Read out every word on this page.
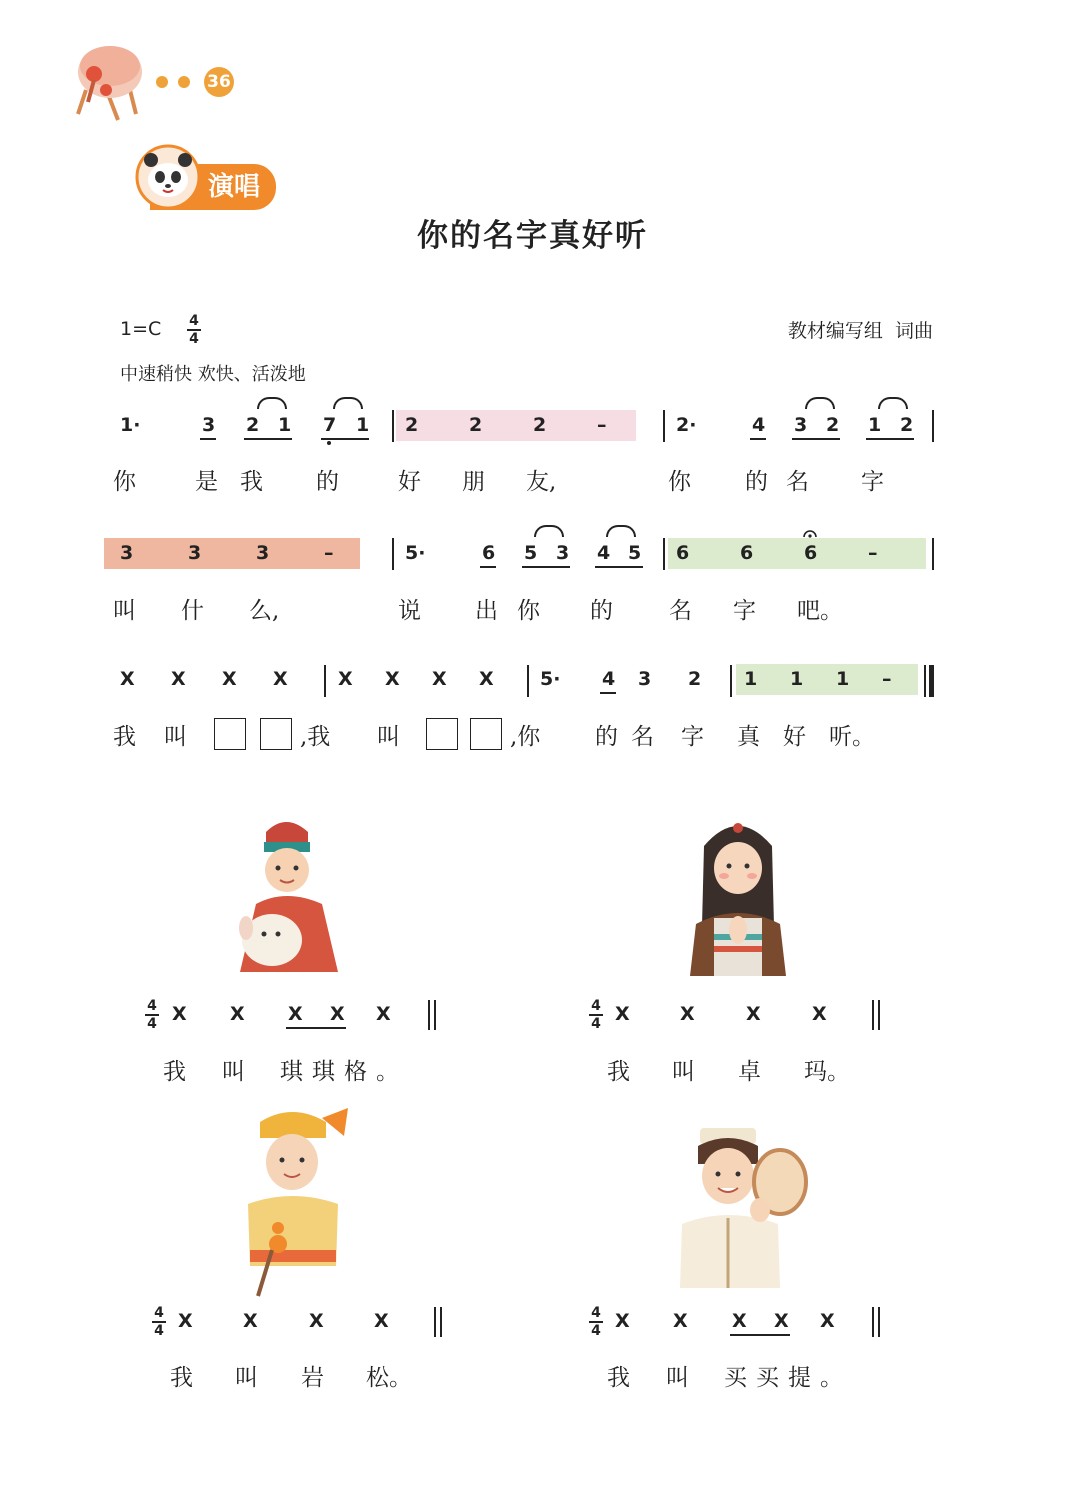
36
演唱
你的名字真好听
1=C 4
4	教材编写组  词曲
中速稍快 欢快、活泼地
1·	3 2 1 7 1 2	2	2	–	2·	4 3 2 1 2
你	是 我 的	好 朋 友,	你 的 名 字
3	3	3	–	5·	6 5 3 4 5 6	6	6	–
叫 什 么,	说 出 你 的 名 字 吧。
X X X X	X X X X 5· 4 3 2 1 1 1 –
我 叫	,我 叫	,你 的 名 字 真 好 听。
4
4 X X X X X
我 叫 琪琪格。
4
4 X	X	X	X
我 叫 卓 玛。
4
4 X	X	X	X
我 叫 岩 松。
4
4 X X X X X
我 叫 买买提。
